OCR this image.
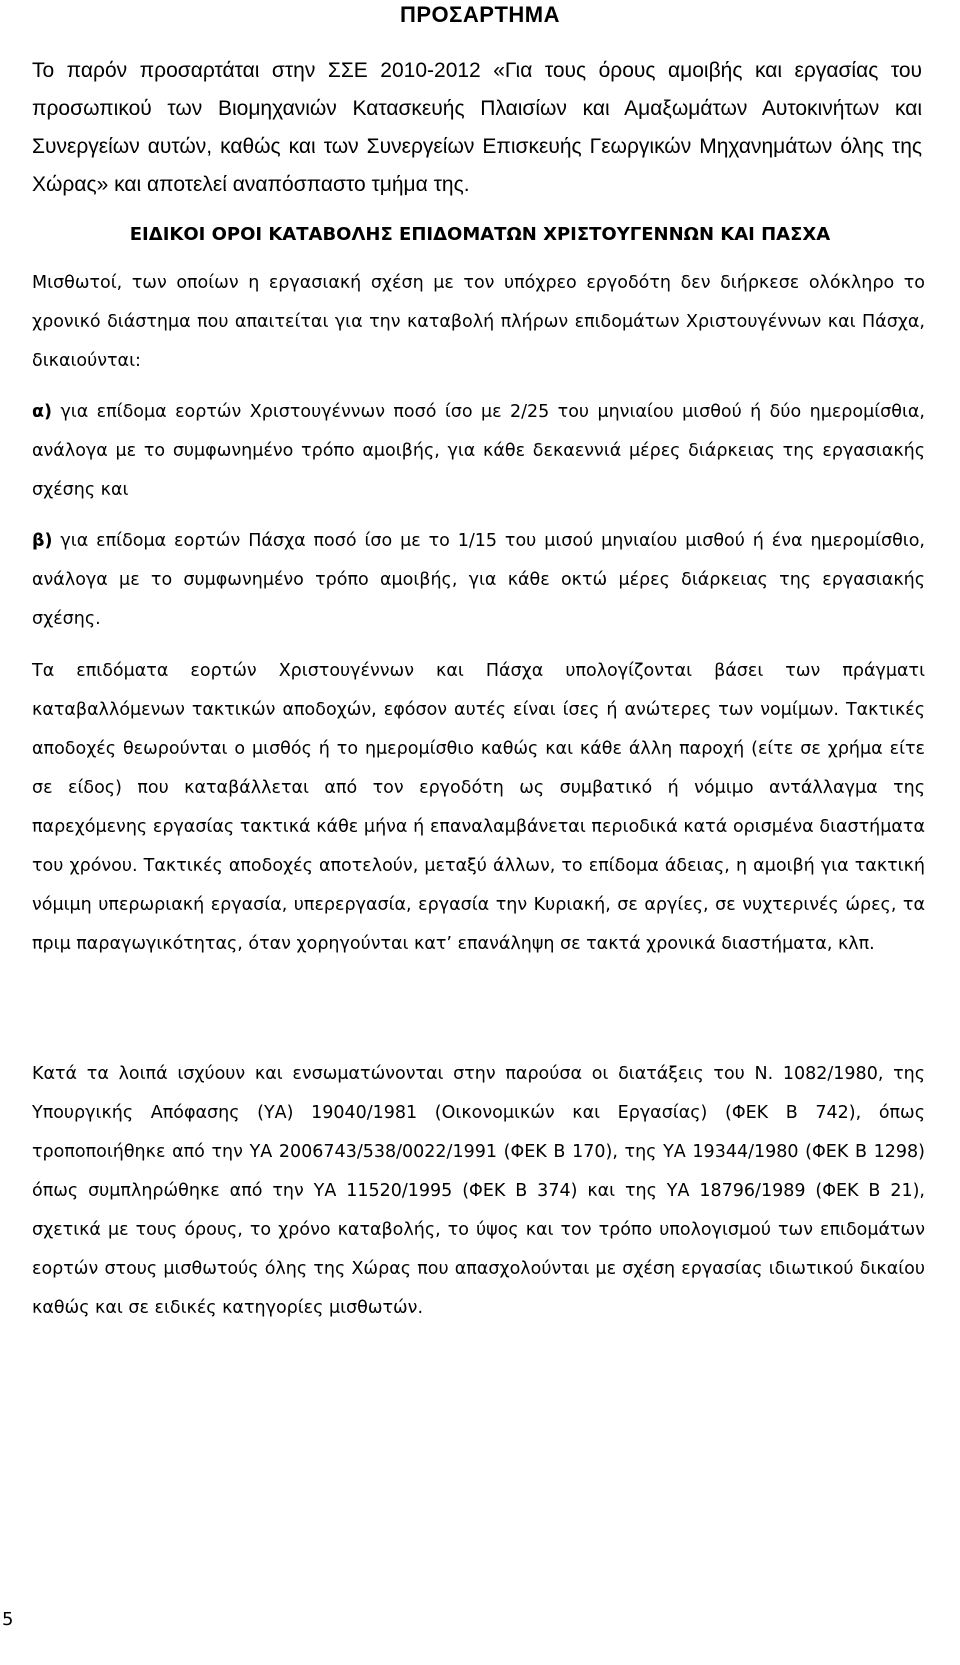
ΠΡΟΣΑΡΤΗΜΑ

Το παρόν προσαρτάται στην ΣΣΕ 2010-2012 «Για τους όρους αμοιβής και εργασίας του προσωπικού των Βιομηχανιών Κατασκευής Πλαισίων και Αμαξωμάτων Αυτοκινήτων και Συνεργείων αυτών, καθώς και των Συνεργείων Επισκευής Γεωργικών Μηχανημάτων όλης της Χώρας» και αποτελεί αναπόσπαστο τμήμα της.

ΕΙΔΙΚΟΙ ΟΡΟΙ ΚΑΤΑΒΟΛΗΣ ΕΠΙΔΟΜΑΤΩΝ ΧΡΙΣΤΟΥΓΕΝΝΩΝ ΚΑΙ ΠΑΣΧΑ

Μισθωτοί, των οποίων η εργασιακή σχέση με τον υπόχρεο εργοδότη δεν διήρκεσε ολόκληρο το χρονικό διάστημα που απαιτείται για την καταβολή πλήρων επιδομάτων Χριστουγέννων και Πάσχα, δικαιούνται:

α) για επίδομα εορτών Χριστουγέννων ποσό ίσο με 2/25 του μηνιαίου μισθού ή δύο ημερομίσθια, ανάλογα με το συμφωνημένο τρόπο αμοιβής, για κάθε δεκαεννιά μέρες διάρκειας της εργασιακής σχέσης και

β) για επίδομα εορτών Πάσχα ποσό ίσο με το 1/15 του μισού μηνιαίου μισθού ή ένα ημερομίσθιο, ανάλογα με το συμφωνημένο τρόπο αμοιβής, για κάθε οκτώ μέρες διάρκειας της εργασιακής σχέσης.

Τα επιδόματα εορτών Χριστουγέννων και Πάσχα υπολογίζονται βάσει των πράγματι καταβαλλόμενων τακτικών αποδοχών, εφόσον αυτές είναι ίσες ή ανώτερες των νομίμων. Τακτικές αποδοχές θεωρούνται ο μισθός ή το ημερομίσθιο καθώς και κάθε άλλη παροχή (είτε σε χρήμα είτε σε είδος) που καταβάλλεται από τον εργοδότη ως συμβατικό ή νόμιμο αντάλλαγμα της παρεχόμενης εργασίας τακτικά κάθε μήνα ή επαναλαμβάνεται περιοδικά κατά ορισμένα διαστήματα του χρόνου. Τακτικές αποδοχές αποτελούν, μεταξύ άλλων, το επίδομα άδειας, η αμοιβή για τακτική νόμιμη υπερωριακή εργασία, υπερεργασία, εργασία την Κυριακή, σε αργίες, σε νυχτερινές ώρες, τα πριμ παραγωγικότητας, όταν χορηγούνται κατ’ επανάληψη σε τακτά χρονικά διαστήματα, κλπ.

Κατά τα λοιπά ισχύουν και ενσωματώνονται στην παρούσα οι διατάξεις του Ν. 1082/1980, της Υπουργικής Απόφασης (ΥΑ) 19040/1981 (Οικονομικών και Εργασίας) (ΦΕΚ Β 742), όπως τροποποιήθηκε από την ΥΑ 2006743/538/0022/1991 (ΦΕΚ Β 170), της ΥΑ 19344/1980 (ΦΕΚ Β 1298) όπως συμπληρώθηκε από την ΥΑ 11520/1995 (ΦΕΚ Β 374) και της ΥΑ 18796/1989 (ΦΕΚ Β 21), σχετικά με τους όρους, το χρόνο καταβολής, το ύψος και τον τρόπο υπολογισμού των επιδομάτων εορτών στους μισθωτούς όλης της Χώρας που απασχολούνται με σχέση εργασίας ιδιωτικού δικαίου καθώς και σε ειδικές κατηγορίες μισθωτών.

5
